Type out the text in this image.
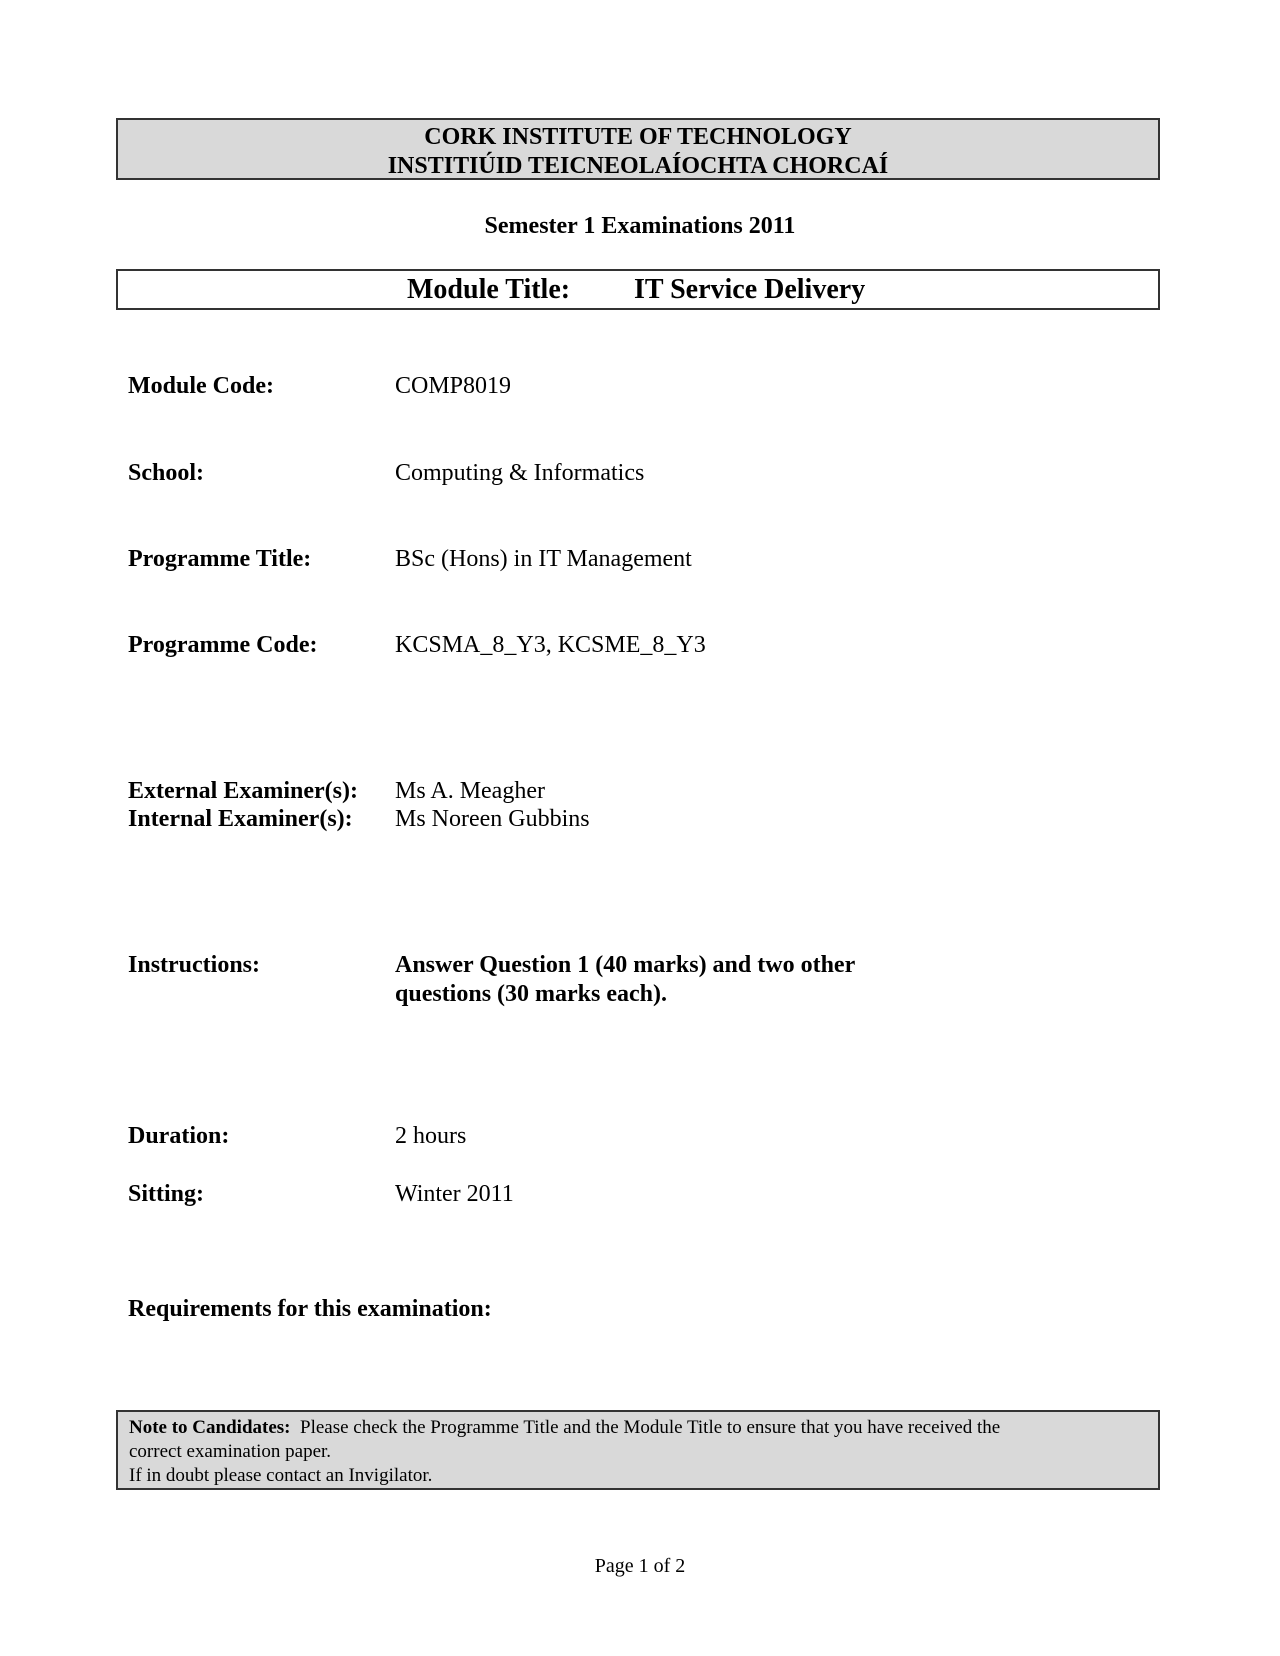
CORK INSTITUTE OF TECHNOLOGY
INSTITIÚID TEICNEOLAÍOCHTA CHORCAÍ
Semester 1 Examinations 2011
Module Title: IT Service Delivery
Module Code:	COMP8019
School:	Computing & Informatics
Programme Title:	BSc (Hons) in IT Management
Programme Code:	KCSMA_8_Y3, KCSME_8_Y3
External Examiner(s): Ms A. Meagher
Internal Examiner(s): Ms Noreen Gubbins
Instructions:	Answer Question 1 (40 marks) and two other
questions (30 marks each).
Duration:	2 hours
Sitting:	Winter 2011
Requirements for this examination:
Note to Candidates: Please check the Programme Title and the Module Title to ensure that you have received the
correct examination paper.
If in doubt please contact an Invigilator.
Page 1 of 2
